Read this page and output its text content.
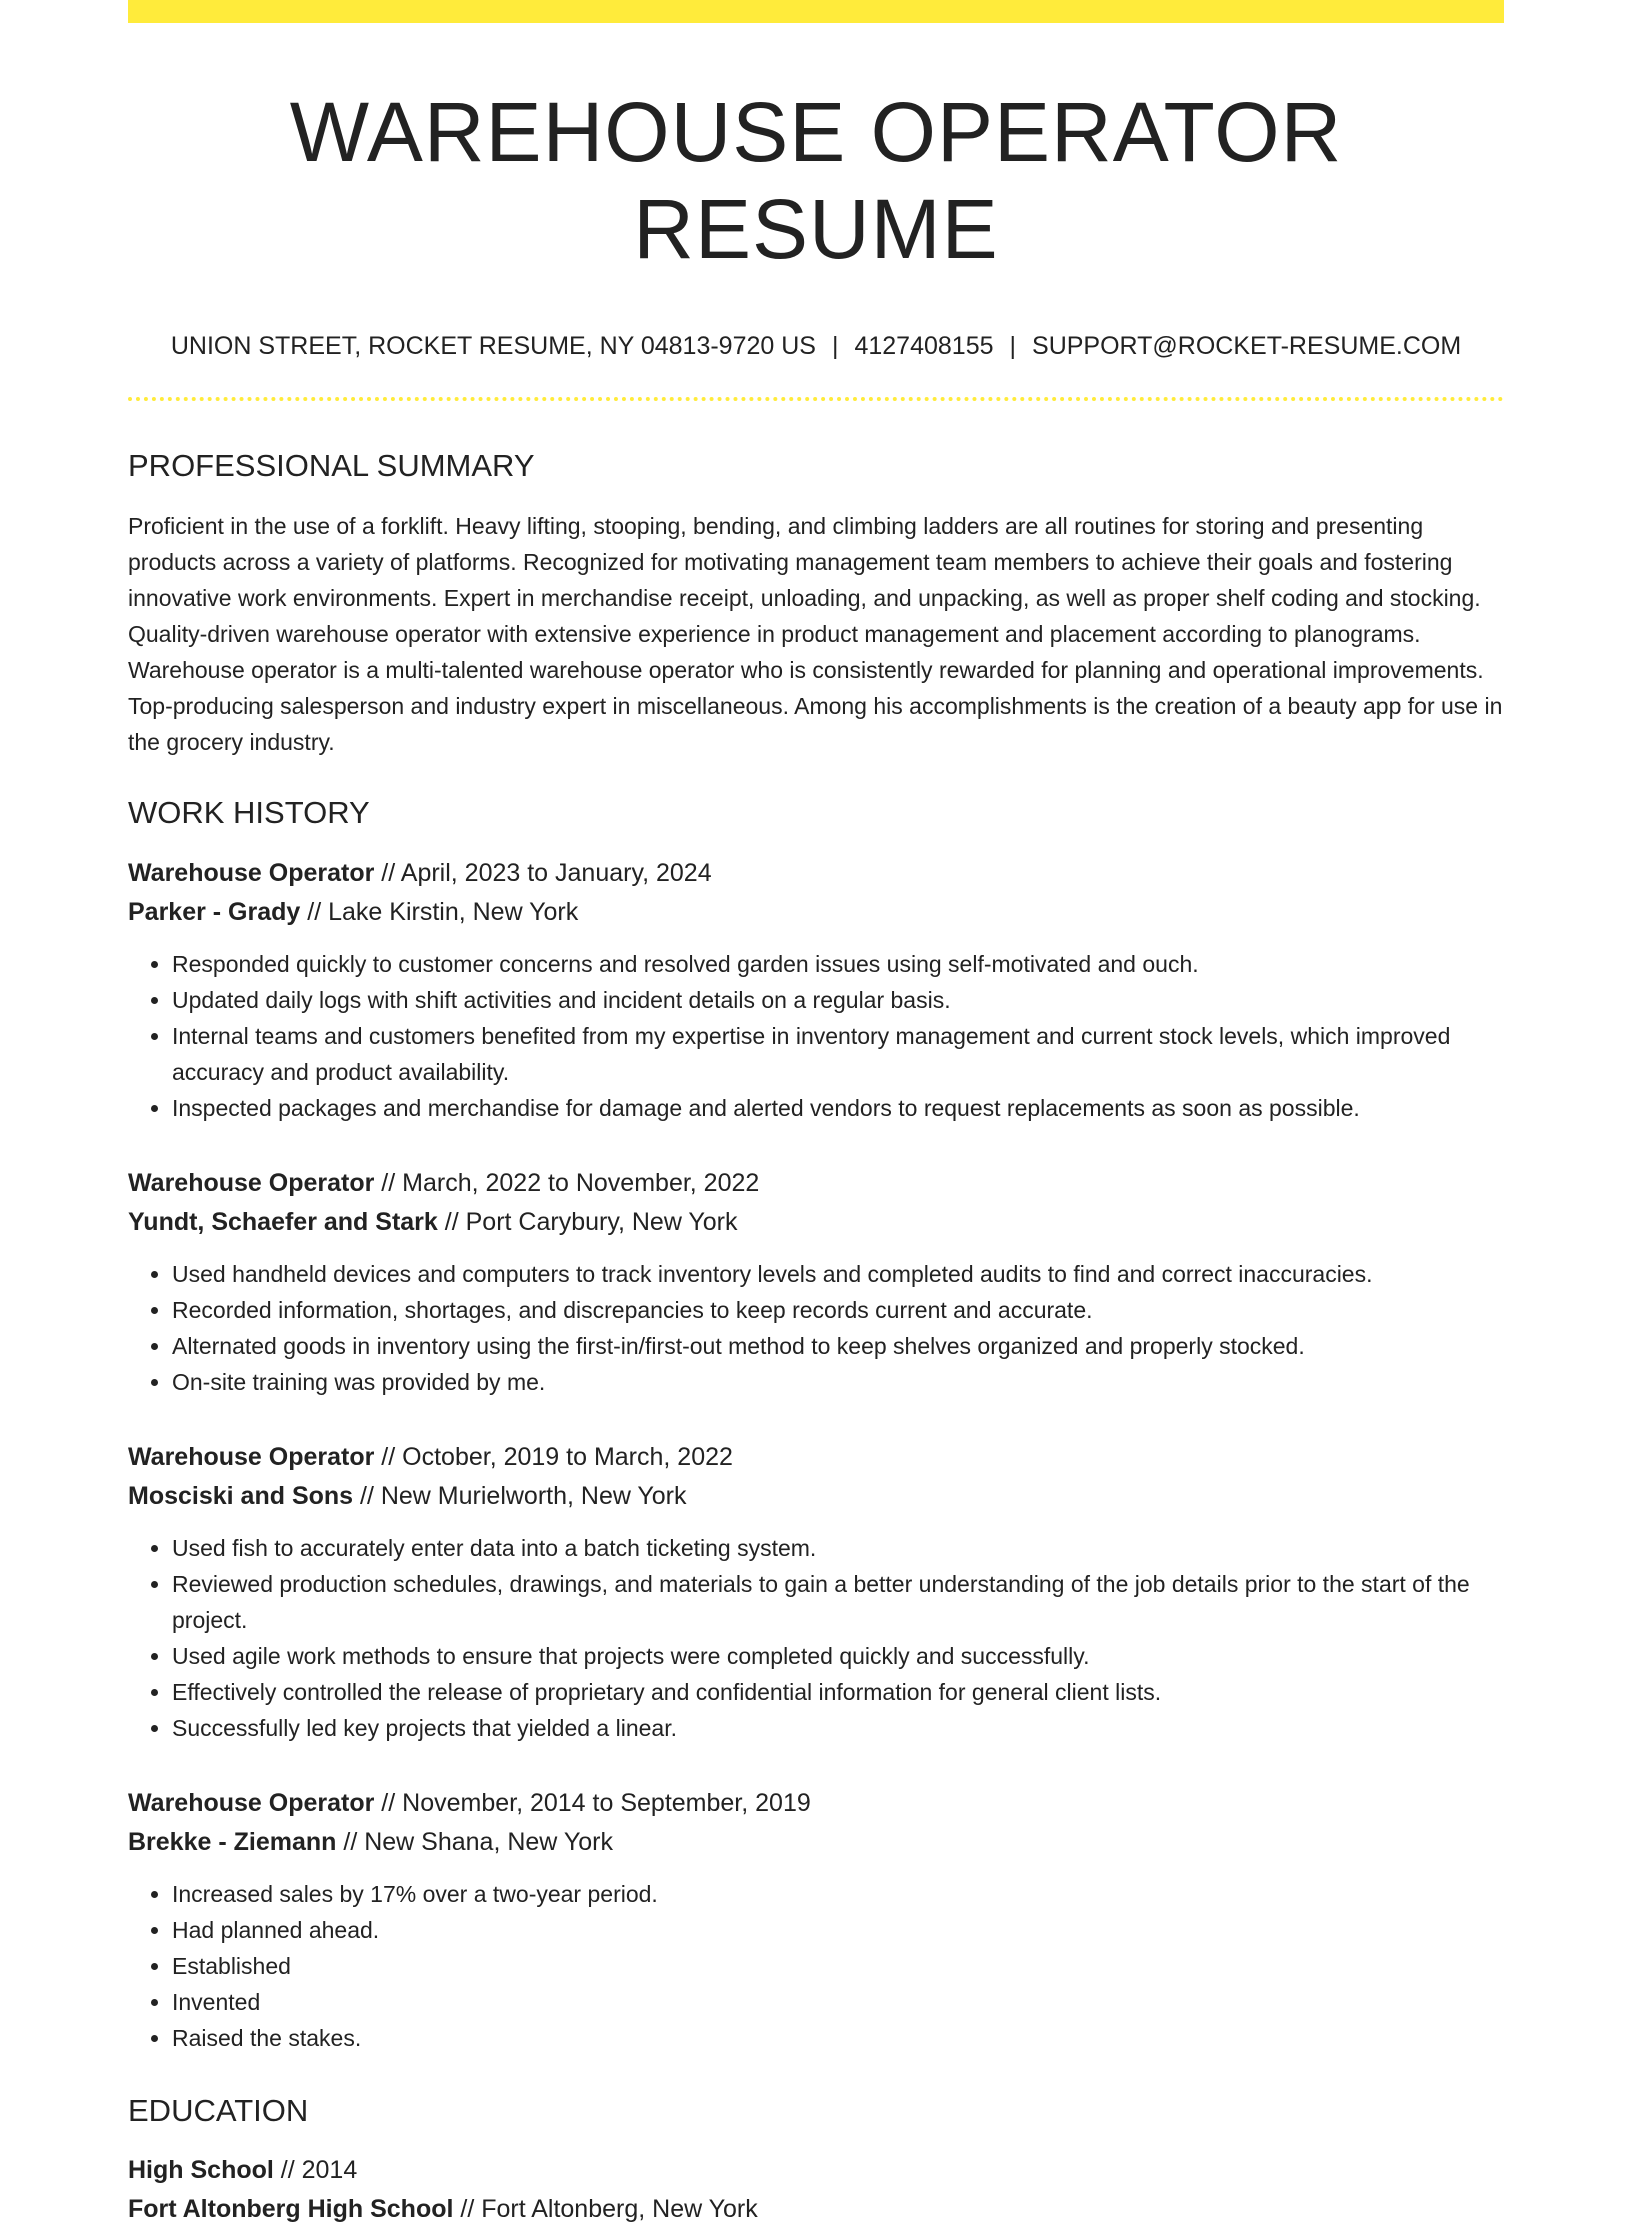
WAREHOUSE OPERATOR RESUME
UNION STREET, ROCKET RESUME, NY 04813-9720 US | 4127408155 | SUPPORT@ROCKET-RESUME.COM
PROFESSIONAL SUMMARY

Proficient in the use of a forklift. Heavy lifting, stooping, bending, and climbing ladders are all routines for storing and presenting products across a variety of platforms. Recognized for motivating management team members to achieve their goals and fostering innovative work environments. Expert in merchandise receipt, unloading, and unpacking, as well as proper shelf coding and stocking. Quality-driven warehouse operator with extensive experience in product management and placement according to planograms. Warehouse operator is a multi-talented warehouse operator who is consistently rewarded for planning and operational improvements. Top-producing salesperson and industry expert in miscellaneous. Among his accomplishments is the creation of a beauty app for use in the grocery industry.

WORK HISTORY
Warehouse Operator // April, 2023 to January, 2024
Parker - Grady // Lake Kirstin, New York
• Responded quickly to customer concerns and resolved garden issues using self-motivated and ouch.
• Updated daily logs with shift activities and incident details on a regular basis.
• Internal teams and customers benefited from my expertise in inventory management and current stock levels, which improved accuracy and product availability.
• Inspected packages and merchandise for damage and alerted vendors to request replacements as soon as possible.
Warehouse Operator // March, 2022 to November, 2022
Yundt, Schaefer and Stark // Port Carybury, New York
• Used handheld devices and computers to track inventory levels and completed audits to find and correct inaccuracies.
• Recorded information, shortages, and discrepancies to keep records current and accurate.
• Alternated goods in inventory using the first-in/first-out method to keep shelves organized and properly stocked.
• On-site training was provided by me.
Warehouse Operator // October, 2019 to March, 2022
Mosciski and Sons // New Murielworth, New York
• Used fish to accurately enter data into a batch ticketing system.
• Reviewed production schedules, drawings, and materials to gain a better understanding of the job details prior to the start of the project.
• Used agile work methods to ensure that projects were completed quickly and successfully.
• Effectively controlled the release of proprietary and confidential information for general client lists.
• Successfully led key projects that yielded a linear.
Warehouse Operator // November, 2014 to September, 2019
Brekke - Ziemann // New Shana, New York
• Increased sales by 17% over a two-year period.
• Had planned ahead.
• Established
• Invented
• Raised the stakes.
EDUCATION
High School // 2014
Fort Altonberg High School // Fort Altonberg, New York
